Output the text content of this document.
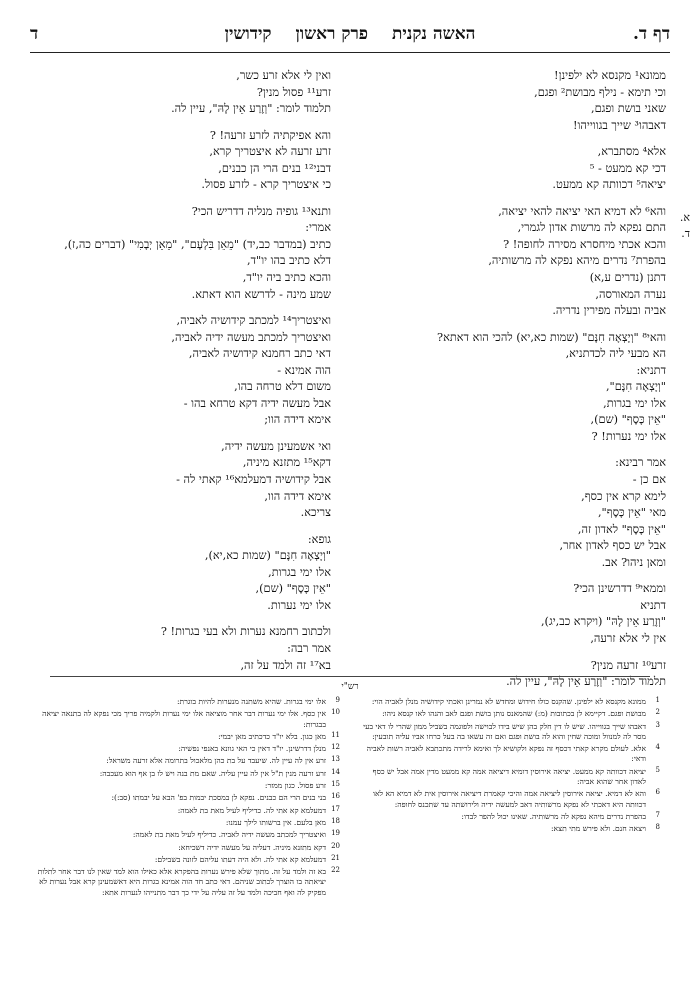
דף ד.
האשה נקנית פרק ראשון קידושין
ד
א.
ד.
ממונא¹ מקנסא לא ילפינן!
וכי תימא - נילף מבושת² ופגם,
שאני בושת ופגם,
דאבהו³ שייך בגווייהו!
אלא⁴ מסתברא,
דכי קא ממעט - ⁵
יציאה⁵ דכוותה קא ממעט.
והא⁶ לא דמיא האי יציאה להאי יציאה,
התם נפקא לה מרשות אדון לגמרי,
והכא אכתי מיחסרא מסירה לחופה! ?
בהפרת⁷ נדרים מיהא נפקא לה מרשותיה,
דתנן (נדרים ע,א)
נערה המאורסה,
אביה ובעלה מפירין נדריה.
והאי⁸ "וְיָצְאָה חִנָּם" (שמות כא,יא) להכי הוא דאתא?
הא מבעי ליה לכדתניא,
דתניא:
"וְיָצְאָה חִנָּם",
אלו ימי בגרות,
"אֵין כָּסֶף" (שם),
אלו ימי נערות! ?
אמר רבינא:
אם כן -
לימא קרא אין כסף,
מאי "אֵין כָּסֶף",
"אֵין כָּסֶף" לאדון זה,
אבל יש כסף לאדון אחר,
ומאן ניהו? אב.
וממאי⁹ דדרשינן הכי?
דתניא
"וְזֶרַע אֵין לָהּ" (ויקרא כב,יג),
אין לי אלא זרעה,
זרע¹⁰ זרעה מנין?
תלמוד לומר: "וְזֶרַע אֵין לָהּ", עיין לה.
ואין לי אלא זרע כשר,
זרע¹¹ פסול מנין?
תלמוד לומר: "וְזֶרַע אֵין לָהּ", עיין לה.
והא אפיקתיה לזרע זרעה! ?
זרע זרעה לא איצטריך קרא,
דבני¹² בנים הרי הן כבנים,
כי איצטריך קרא - לזרע פסול.
ותנא¹³ גופיה מנליה דדריש הכי?
אמרי:
כתיב (במדבר כב,יד) "מֵאֵן בִּלְעָם", "מֵאֵן יְבָמִי" (דברים כה,ז),
דלא כתיב בהו יו"ד,
והכא כתיב ביה יו"ד,
שמע מינה - לדרשא הוא דאתא.
ואיצטריך¹⁴ למכתב קידושיה לאביה,
ואיצטריך למכתב מעשה ידיה לאביה,
דאי כתב רחמנא קידושיה לאביה,
הוה אמינא -
משום דלא טרחה בהו,
אבל מעשה ידיה דקא טרחא בהו -
אימא דידה הוו;
ואי אשמעינן מעשה ידיה,
דקא¹⁵ מתזנא מיניה,
אבל קידושיה דמעלמא¹⁶ קאתי לה -
אימא דידה הוו,
צריכא.
גופא:
"וְיָצְאָה חִנָּם" (שמות כא,יא),
אלו ימי בגרות,
"אֵין כָּסֶף" (שם),
אלו ימי נערות.
ולכתוב רחמנא נערות ולא בעי בגרות! ?
אמר רבה:
בא¹⁷ זה ולמד על זה,
רש"י
1
ממונא מקנסא לא ילפינן. שהקנס כולו חידוש ומחדש לא נמרינן ואכתי קידושיה מנלן לאביה הוי:
2
מבושת ופגם. דקיימא לן בכתובות (מ:) שהמאנס נותן בושת ופגם לאב והנהו לאו קנסא ניהו:
3
דאבהו שייך בגווייהו. שיש לו דין חלק בהן שיש בידו לבוישה ולפוגמה בשביל ממון שהרי לו דאי בעי מסר לה למנוול ומוכה שחין והוא לה בושת ופגם ואם זה עשאו בה בעל כרחו אביו עליה תובעין:
4
אלא. לעולם מקרא קאתי דכסף זה נפקא ולקושיא לך ואימא לרידה מתכתבא לאביה רשות לאביה ודאי:
5
יציאה דכוותה קא ממעט. יציאה אירוסין דומיא דיציאה אמה קא ממעט מדין אמה אבל יש כסף לאדון אחר שהוא אביה:
6
והא לא דמיא. יציאה אירוסין ליציאה אמה והיכי קאמרת דיציאה אירוסין אית לא דמיא הא לאו דכוותה היא דאכתי לא נפקא מרשותיה דאב למעשה ידיה ולירושתה עד שתכנס לחופה:
7
בהפרת נדרים מיהא נפקא לה מרשותיה. שאינו יכול להפר לבדו:
8
ויצאה חנם. ולא פירש מתי תצא:
9
אלו ימי בגרות. שהיא משתנה מנערות להיות בוגרת:
10
אין כסף. אלו ימי נערות דבר אחר מוציאה אלו ימי נערות ולקמיה פריך מכי נפקא לה בתנאה יציאה בבגרות:
11
מאן כגון. בלא יו"ד כדכתיב מאן יבמי:
12
מנלן דדרשינן. יו"ד דאין כי האי גוונא באנפי נפשיה:
13
זרע אין לה עיין לה. שיעבד על בת כהן מלאכול בתרומה אלא זרעה משראל:
14
זרע זרעה מנין ת"ל אין לה עיין עליה. שאם מת בנה ויש לו בן אף הוא מעכבה:
15
זרע פסול. כגון ממזר:
16
בני בנים הרי הם כבנים. נפקא לן במסכת יבמות בפ' הבא על יבמתו (סב:):
17
דמעלמא קא אתי לה. כדיליף לעיל מאת בת לאמה:
18
מאן בלעם. אין ברשותו לילך עמנו:
19
ואיצטריך למכתב מעשה ידיה לאביה. כדיליף לעיל מאת בת לאמה:
20
דקא מתזנא מיניה. דעליה על מעשה ידיה דשכיחא:
21
דמעלמא קא אתי לה. ולא היה דעתו עליהם לזונה בשבילם:
22
בא זה ולמד על זה. מתוך שלא פירש נערות בהפקרא אלא כאילו הוא למד שאין לנו דבר אחר לתלות יציאתה בו הוצרך לכתוב שניהם. דאי כתב חד הוה אמינא בגרות היא דאשמעינן קרא אבל נערות לא מפקיק לה ואף חביכה ולמד על זה עליה על ידי כך דבר מתנייהו לנערות אתא:
